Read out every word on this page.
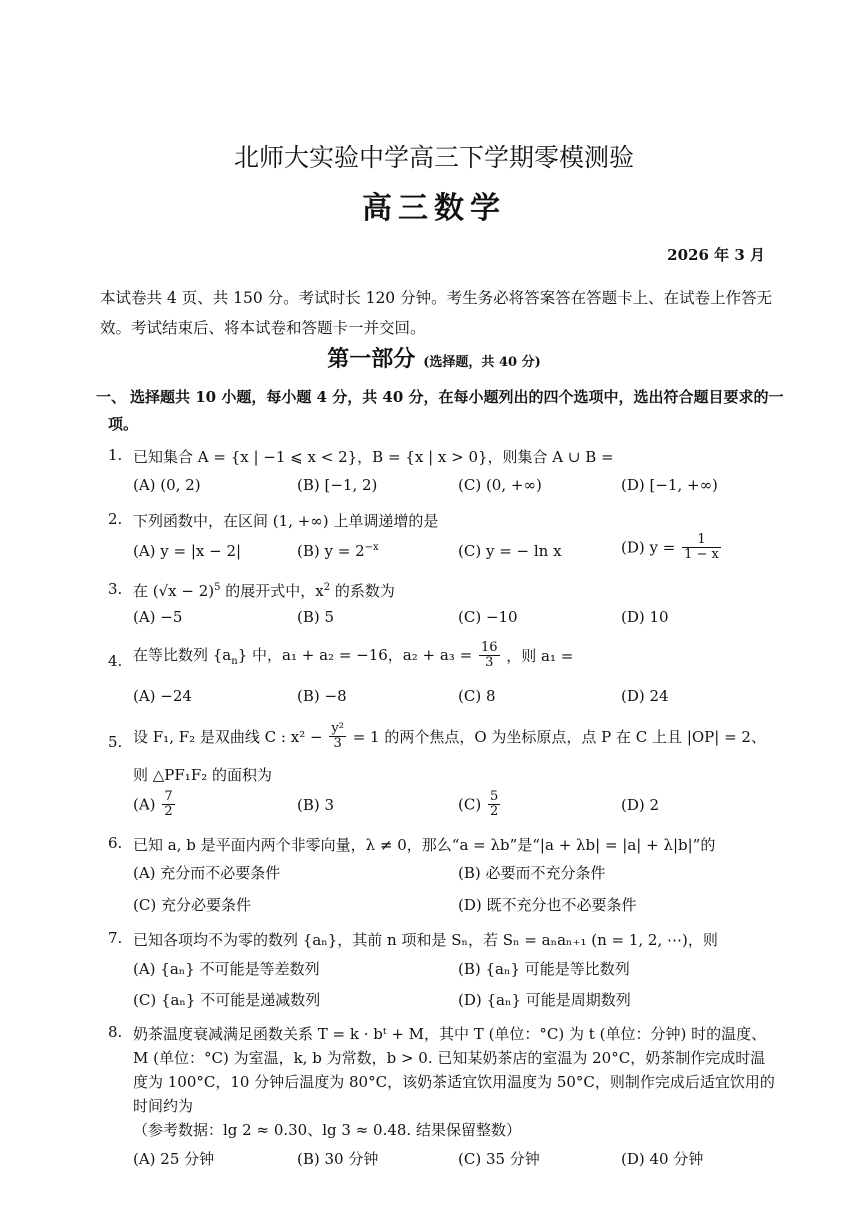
北师大实验中学高三下学期零模测验
高三数学
2026 年 3 月
本试卷共 4 页、共 150 分。考试时长 120 分钟。考生务必将答案答在答题卡上、在试卷上作答无效。考试结束后、将本试卷和答题卡一并交回。
第一部分 (选择题，共 40 分)
一、 选择题共 10 小题，每小题 4 分，共 40 分，在每小题列出的四个选项中，选出符合题目要求的一项。
1. 已知集合 A = {x | −1 ⩽ x < 2}，B = {x | x > 0}，则集合 A ∪ B =
(A) (0, 2)	(B) [−1, 2)	(C) (0, +∞)	(D) [−1, +∞)
2. 下列函数中，在区间 (1, +∞) 上单调递增的是
(A) y = |x − 2|	(B) $y = 2^{-x}$	(C) y = − ln x	(D) $y = \frac{1}{1 - x}$
3. 在 $(√x - 2)^5$ 的展开式中，$x^2$ 的系数为
(A) −5	(B) 5	(C) −10	(D) 10
4. 在等比数列 $\{a_n\}$ 中，a₁ + a₂ = −16，$a_2 + a_3 = \frac{16}{3}$ ，则 a₁ =
(A) −24	(B) −8	(C) 8	(D) 24
5. 设 F₁, F₂ 是双曲线 C : $x^2 - \frac{\text{y²}}{3} = 1$ 的两个焦点，O 为坐标原点，点 P 在 C 上且 |OP| = 2、
则 △PF₁F₂ 的面积为
$(A) \frac{7}{2}$	(B) 3	$(C) \frac{5}{2}$	(D) 2
6. 已知 a, b 是平面内两个非零向量，λ ≠ 0，那么“a = λb”是“|a + λb| = |a| + λ|b|”的
(A) 充分而不必要条件	(B) 必要而不充分条件
(C) 充分必要条件	(D) 既不充分也不必要条件
7. 已知各项均不为零的数列 {aₙ}，其前 n 项和是 Sₙ，若 Sₙ = aₙaₙ₊₁ (n = 1, 2, ⋯)，则
(A) {aₙ} 不可能是等差数列	(B) {aₙ} 可能是等比数列
(C) {aₙ} 不可能是递减数列	(D) {aₙ} 可能是周期数列
8. 奶茶温度衰减满足函数关系 T = k · bᵗ + M，其中 T (单位：°C) 为 t (单位：分钟) 时的温度、
M (单位：°C) 为室温，k, b 为常数，b > 0. 已知某奶茶店的室温为 20°C，奶茶制作完成时温
度为 100°C，10 分钟后温度为 80°C，该奶茶适宜饮用温度为 50°C，则制作完成后适宜饮用的
时间约为
（参考数据：lg 2 ≈ 0.30、lg 3 ≈ 0.48. 结果保留整数）
(A) 25 分钟	(B) 30 分钟	(C) 35 分钟	(D) 40 分钟
